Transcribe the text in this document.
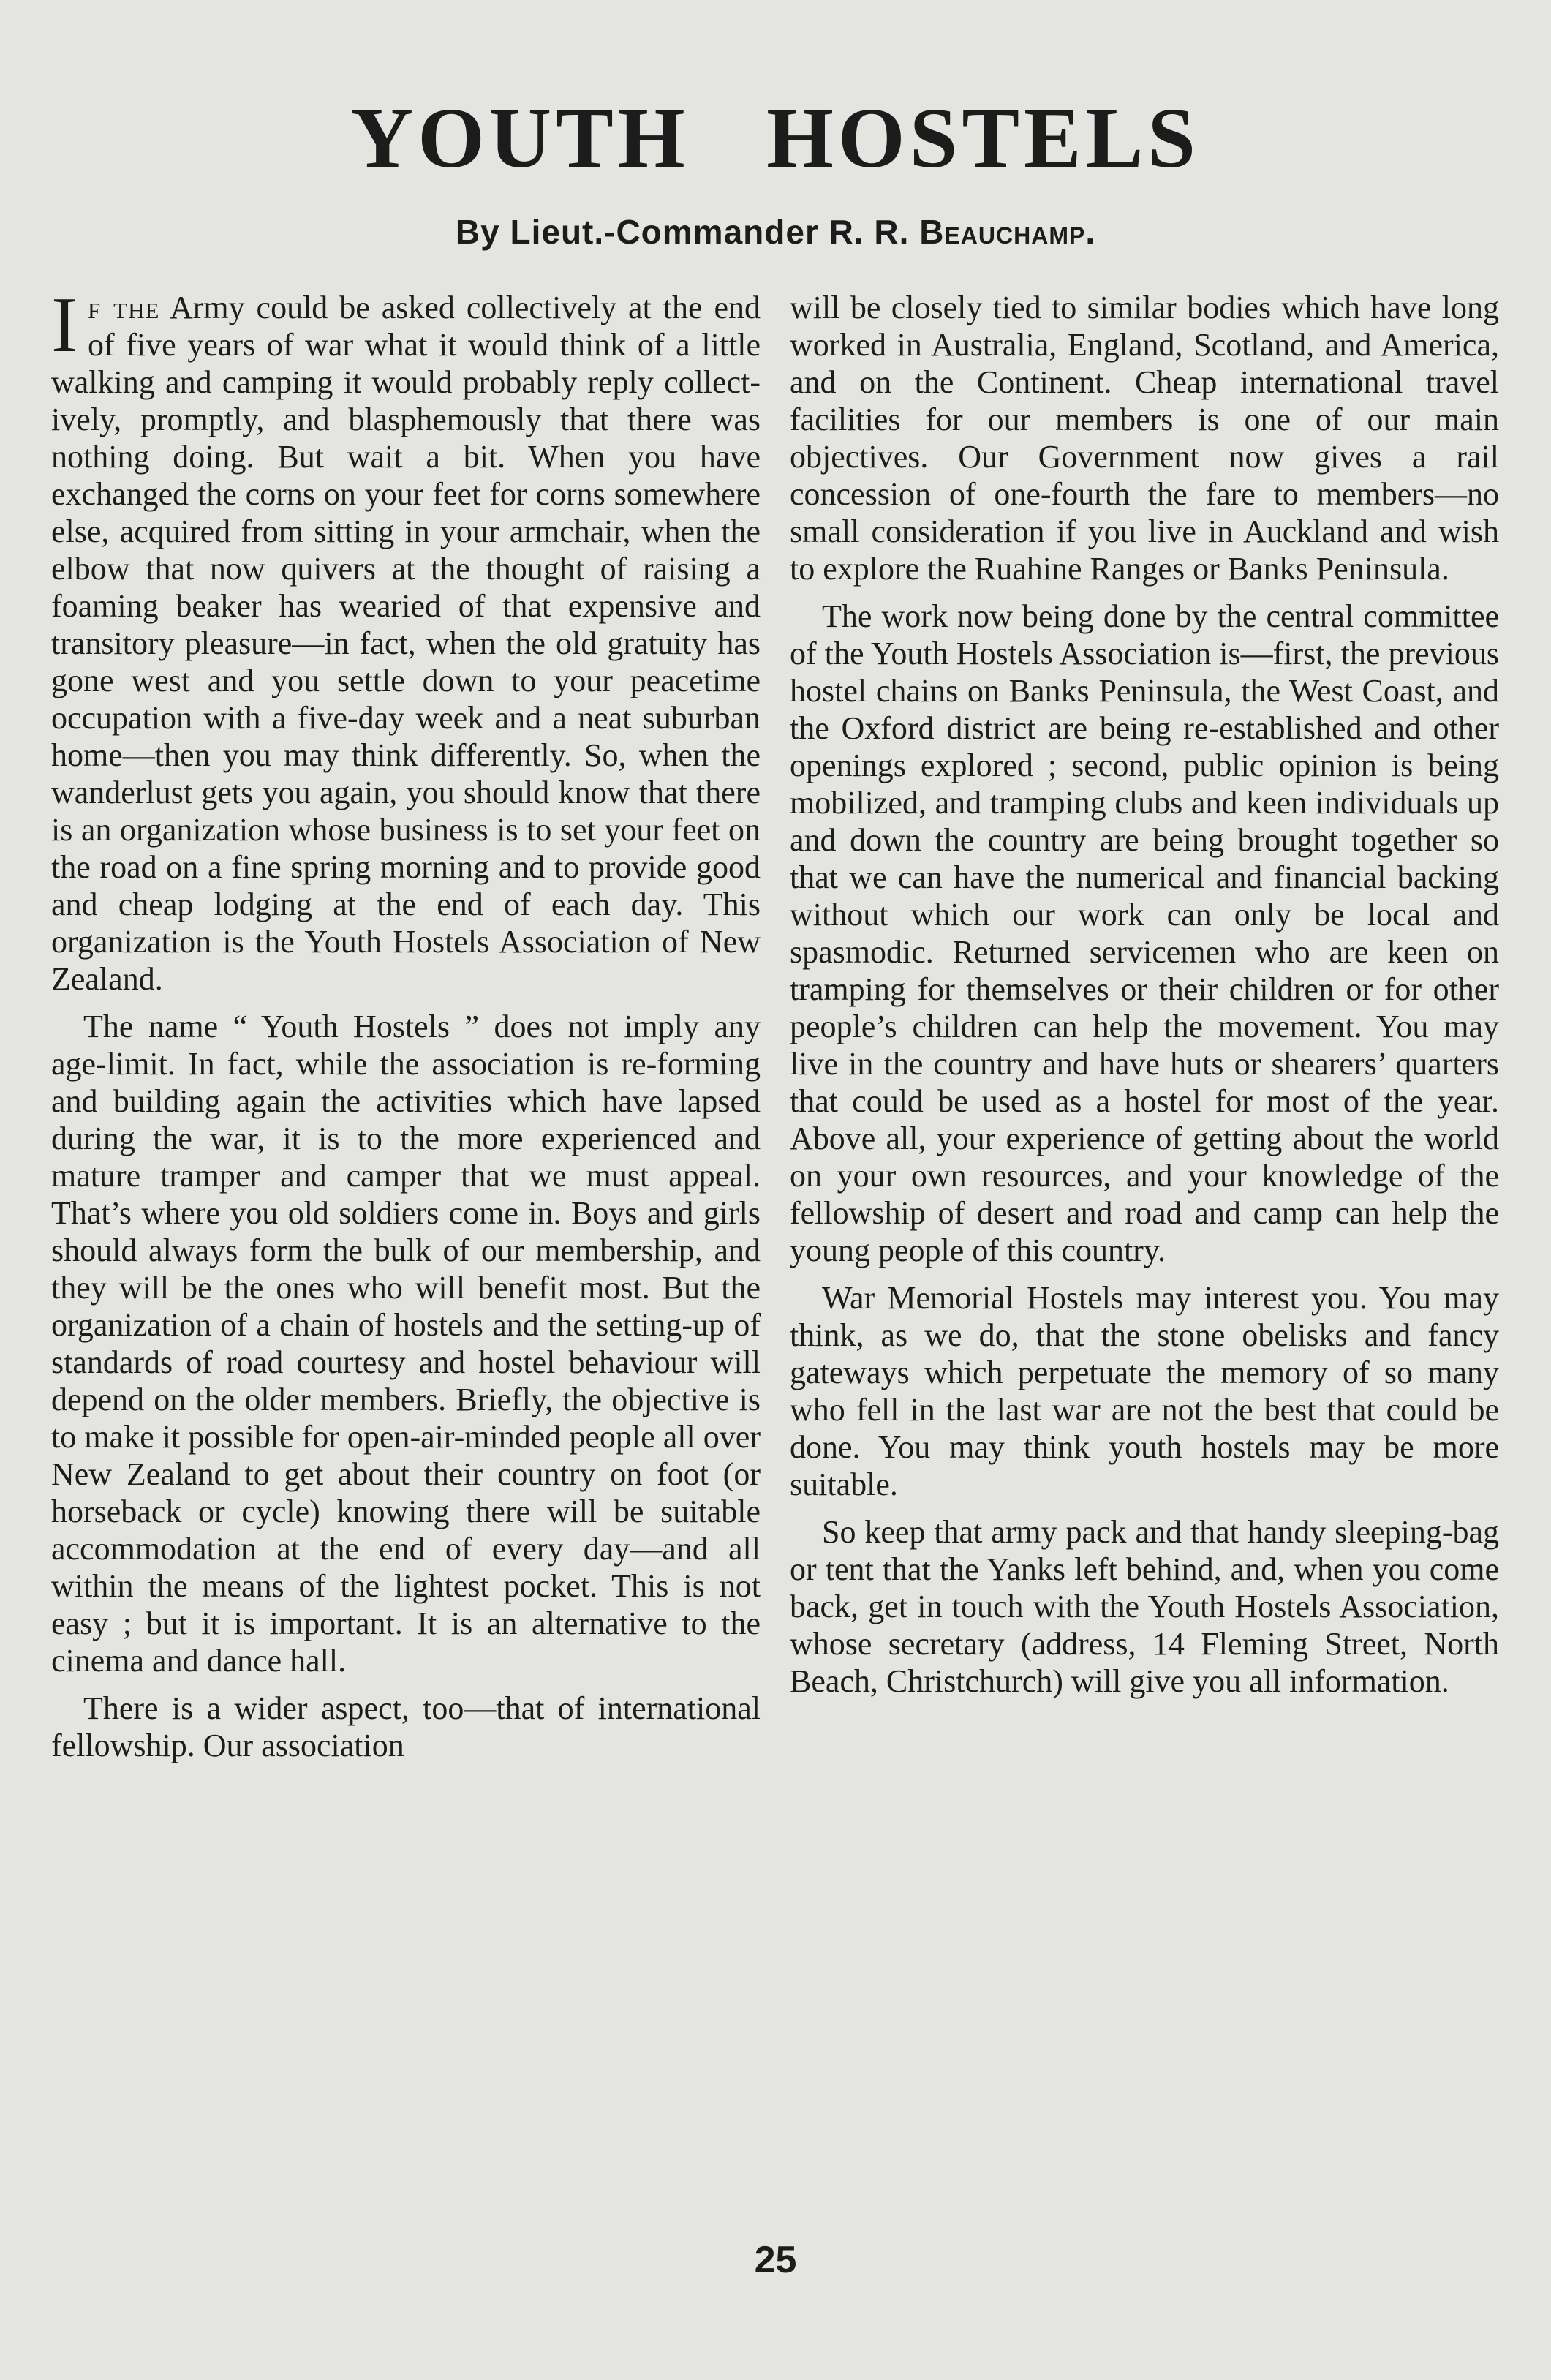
YOUTH HOSTELS

By Lieut.-Commander R. R. Beauchamp.

If the Army could be asked collectively at the end of five years of war what it would think of a little walking and camping it would probably reply collectively, promptly, and blasphemously that there was nothing doing. But wait a bit. When you have exchanged the corns on your feet for corns somewhere else, acquired from sitting in your armchair, when the elbow that now quivers at the thought of raising a foaming beaker has wearied of that expensive and transitory pleasure—in fact, when the old gratuity has gone west and you settle down to your peacetime occupation with a five-day week and a neat suburban home—then you may think differently. So, when the wanderlust gets you again, you should know that there is an organization whose business is to set your feet on the road on a fine spring morning and to provide good and cheap lodging at the end of each day. This organization is the Youth Hostels Association of New Zealand.

The name “ Youth Hostels ” does not imply any age-limit. In fact, while the association is re-forming and building again the activities which have lapsed during the war, it is to the more experienced and mature tramper and camper that we must appeal. That’s where you old soldiers come in. Boys and girls should always form the bulk of our membership, and they will be the ones who will benefit most. But the organization of a chain of hostels and the setting-up of standards of road courtesy and hostel behaviour will depend on the older members. Briefly, the objective is to make it possible for open-air-minded people all over New Zealand to get about their country on foot (or horseback or cycle) knowing there will be suitable accommodation at the end of every day—and all within the means of the lightest pocket. This is not easy ; but it is important. It is an alternative to the cinema and dance hall.

There is a wider aspect, too—that of international fellowship. Our association

will be closely tied to similar bodies which have long worked in Australia, England, Scotland, and America, and on the Continent. Cheap international travel facilities for our members is one of our main objectives. Our Government now gives a rail concession of one-fourth the fare to members—no small consideration if you live in Auckland and wish to explore the Ruahine Ranges or Banks Peninsula.

The work now being done by the central committee of the Youth Hostels Association is—first, the previous hostel chains on Banks Peninsula, the West Coast, and the Oxford district are being re-established and other openings explored ; second, public opinion is being mobilized, and tramping clubs and keen individuals up and down the country are being brought together so that we can have the numerical and financial backing without which our work can only be local and spasmodic. Returned servicemen who are keen on tramping for themselves or their children or for other people’s children can help the movement. You may live in the country and have huts or shearers’ quarters that could be used as a hostel for most of the year. Above all, your experience of getting about the world on your own resources, and your knowledge of the fellowship of desert and road and camp can help the young people of this country.

War Memorial Hostels may interest you. You may think, as we do, that the stone obelisks and fancy gateways which perpetuate the memory of so many who fell in the last war are not the best that could be done. You may think youth hostels may be more suitable.

So keep that army pack and that handy sleeping-bag or tent that the Yanks left behind, and, when you come back, get in touch with the Youth Hostels Association, whose secretary (address, 14 Fleming Street, North Beach, Christchurch) will give you all information.

25
